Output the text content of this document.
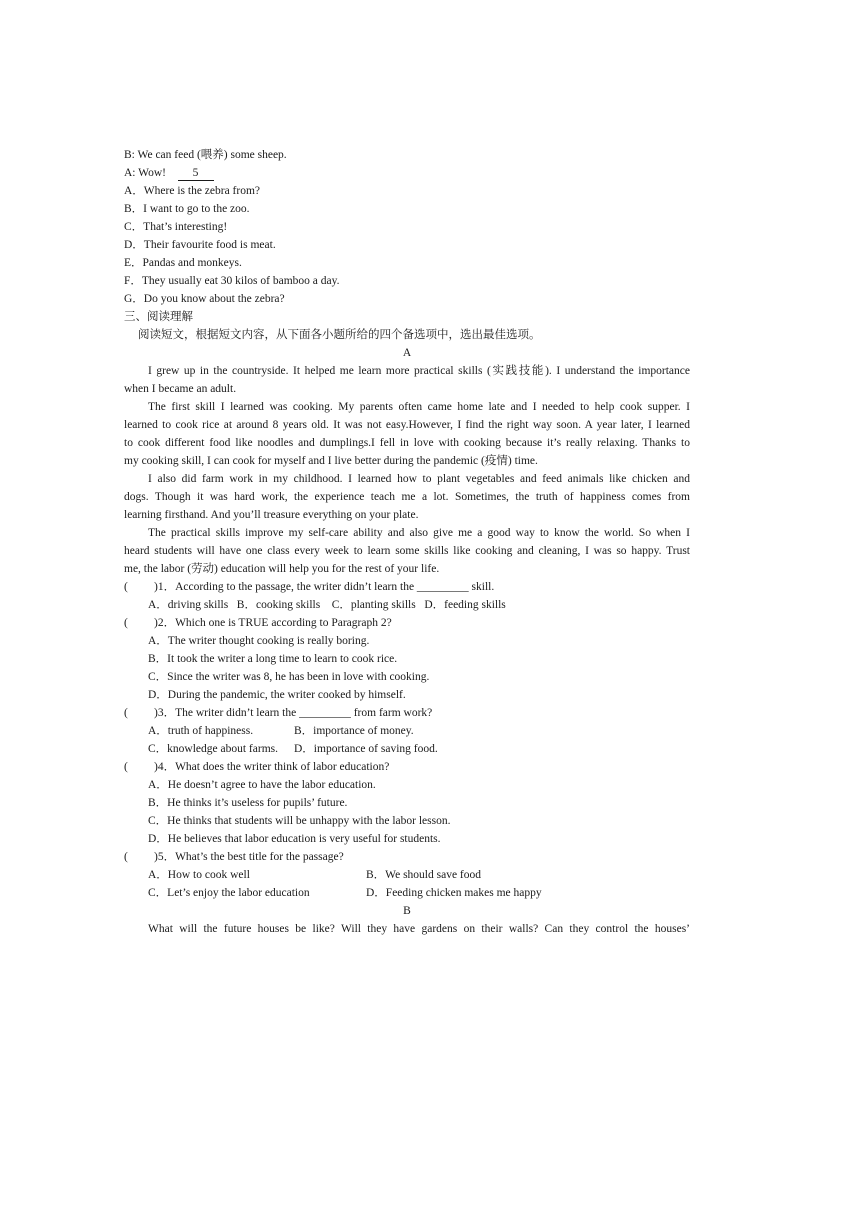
B: We can feed (喂养) some sheep.
A: Wow! 5
A．Where is the zebra from?
B．I want to go to the zoo.
C．That’s interesting!
D．Their favourite food is meat.
E．Pandas and monkeys.
F．They usually eat 30 kilos of bamboo a day.
G．Do you know about the zebra?
三、阅读理解
阅读短文，根据短文内容，从下面各小题所给的四个备选项中，选出最佳选项。
A
I grew up in the countryside. It helped me learn more practical skills (实践技能). I understand the importance
when I became an adult.
The first skill I learned was cooking. My parents often came home late and I needed to help cook supper. I
learned to cook rice at around 8 years old. It was not easy.However, I find the right way soon. A year later, I learned
to cook different food like noodles and dumplings.I fell in love with cooking because it’s really relaxing. Thanks to
my cooking skill, I can cook for myself and I live better during the pandemic (疫情) time.
I also did farm work in my childhood. I learned how to plant vegetables and feed animals like chicken and
dogs. Though it was hard work, the experience teach me a lot. Sometimes, the truth of happiness comes from
learning firsthand. And you’ll treasure everything on your plate.
The practical skills improve my self-care ability and also give me a good way to know the world. So when I
heard students will have one class every week to learn some skills like cooking and cleaning, I was so happy. Trust
me, the labor (劳动) education will help you for the rest of your life.
( )1．According to the passage, the writer didn’t learn the _________ skill.
A．driving skills   B．cooking skills    C．planting skills   D．feeding skills
( )2．Which one is TRUE according to Paragraph 2?
A．The writer thought cooking is really boring.
B．It took the writer a long time to learn to cook rice.
C．Since the writer was 8, he has been in love with cooking.
D．During the pandemic, the writer cooked by himself.
( )3．The writer didn’t learn the _________ from farm work?
A．truth of happiness.	B．importance of money.
C．knowledge about farms. D．importance of saving food.
( )4．What does the writer think of labor education?
A．He doesn’t agree to have the labor education.
B．He thinks it’s useless for pupils’ future.
C．He thinks that students will be unhappy with the labor lesson.
D．He believes that labor education is very useful for students.
( )5．What’s the best title for the passage?
A．How to cook well	B．We should save food
C．Let’s enjoy the labor education	D．Feeding chicken makes me happy
B
What will the future houses be like? Will they have gardens on their walls? Can they control the houses’
